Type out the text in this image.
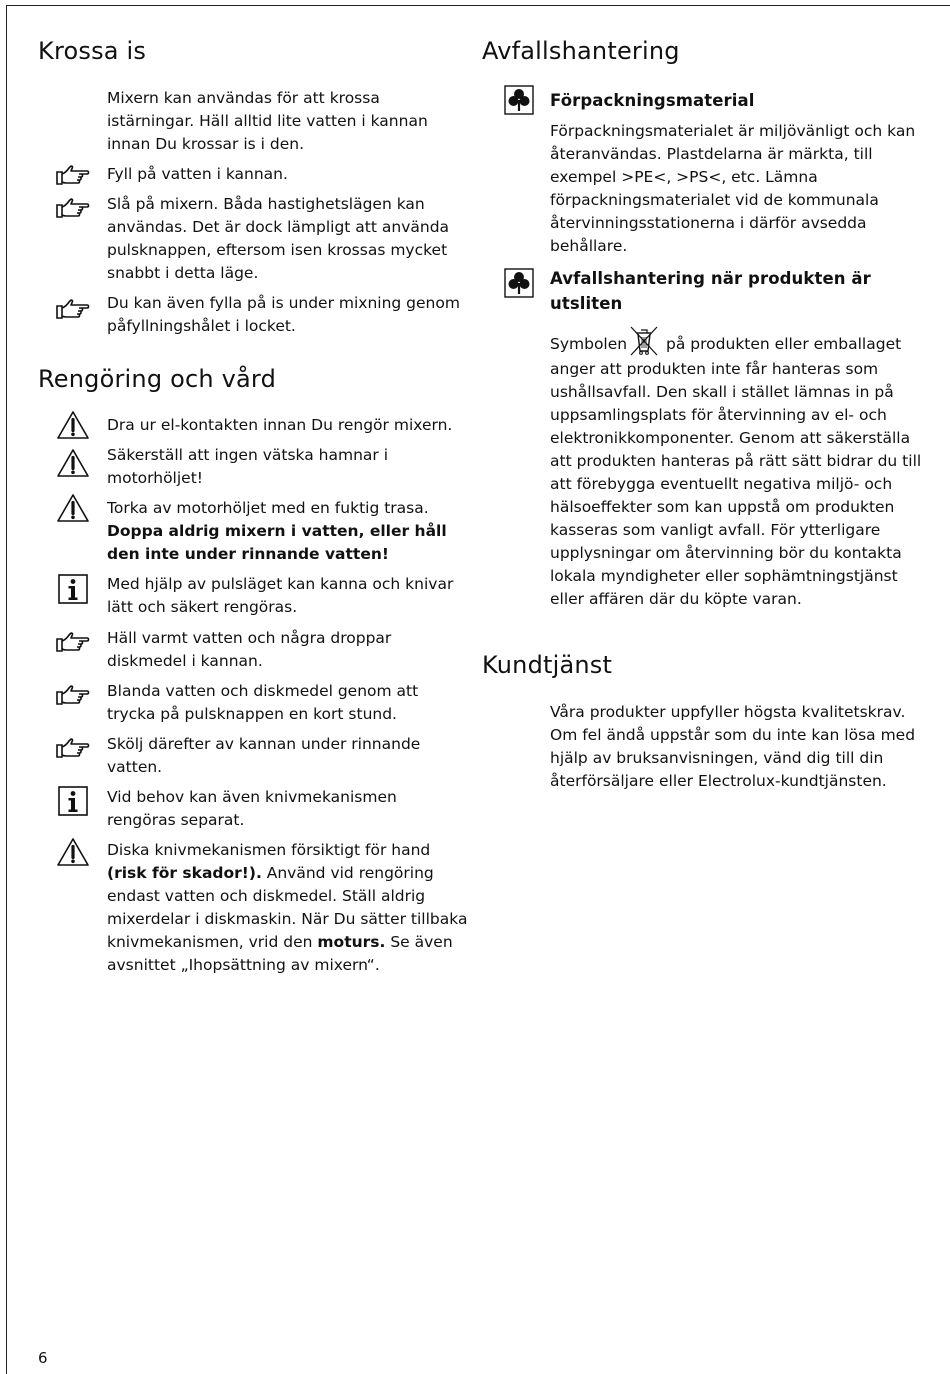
Krossa is
Mixern kan användas för att krossa istärningar. Häll alltid lite vatten i kannan innan Du krossar is i den.
Fyll på vatten i kannan.
Slå på mixern. Båda hastighetslägen kan användas. Det är dock lämpligt att använda pulsknappen, eftersom isen krossas mycket snabbt i detta läge.
Du kan även fylla på is under mixning genom påfyllningshålet i locket.
Rengöring och vård
Dra ur el-kontakten innan Du rengör mixern.
Säkerställ att ingen vätska hamnar i motorhöljet!
Torka av motorhöljet med en fuktig trasa.
Doppa aldrig mixern i vatten, eller håll den inte under rinnande vatten!
Med hjälp av pulsläget kan kanna och knivar lätt och säkert rengöras.
Häll varmt vatten och några droppar diskmedel i kannan.
Blanda vatten och diskmedel genom att trycka på pulsknappen en kort stund.
Skölj därefter av kannan under rinnande vatten.
Vid behov kan även knivmekanismen rengöras separat.
Diska knivmekanismen försiktigt för hand (risk för skador!). Använd vid rengöring endast vatten och diskmedel. Ställ aldrig mixerdelar i diskmaskin. När Du sätter tillbaka knivmekanismen, vrid den moturs. Se även avsnittet „Ihopsättning av mixern“.
Avfallshantering
Förpackningsmaterial
Förpackningsmaterialet är miljövänligt och kan återanvändas. Plastdelarna är märkta, till exempel >PE<, >PS<, etc. Lämna förpackningsmaterialet vid de kommunala återvinningsstationerna i därför avsedda behållare.
Avfallshantering när produkten är utsliten
Symbolen på produkten eller emballaget anger att produkten inte får hanteras som ushållsavfall. Den skall i stället lämnas in på uppsamlingsplats för återvinning av el- och elektronikkomponenter. Genom att säkerställa att produkten hanteras på rätt sätt bidrar du till att förebygga eventuellt negativa miljö- och hälsoeffekter som kan uppstå om produkten kasseras som vanligt avfall. För ytterligare upplysningar om återvinning bör du kontakta lokala myndigheter eller sophämtningstjänst eller affären där du köpte varan.
Kundtjänst
Våra produkter uppfyller högsta kvalitetskrav. Om fel ändå uppstår som du inte kan lösa med hjälp av bruksanvisningen, vänd dig till din återförsäljare eller Electrolux-kundtjänsten.
6
